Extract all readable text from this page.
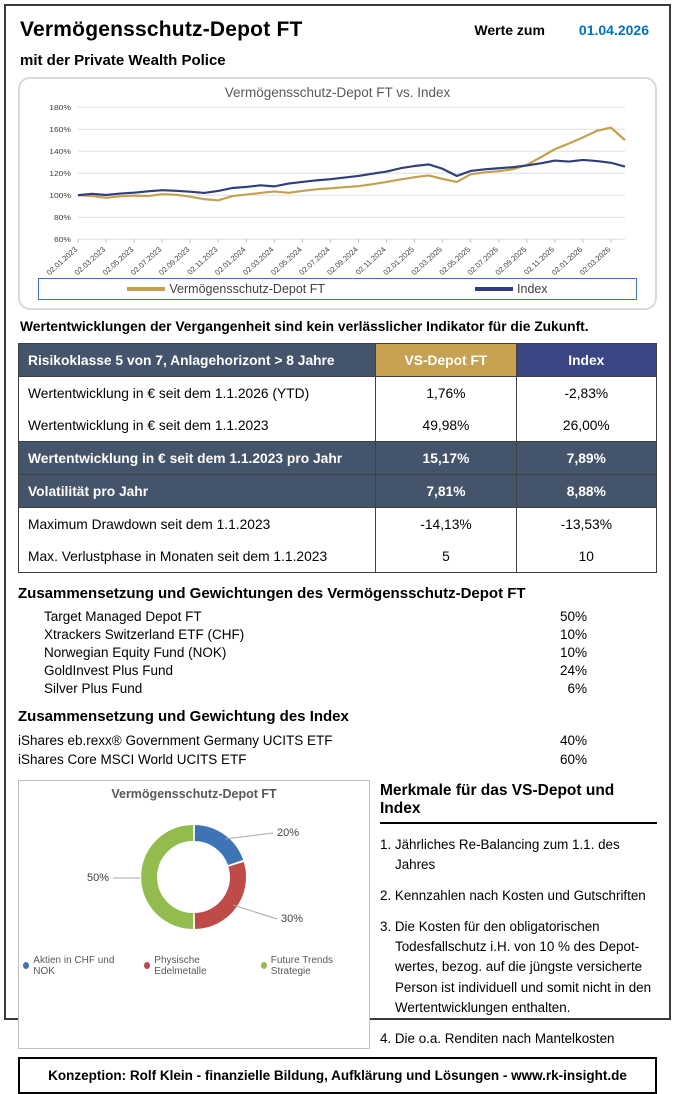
Vermögensschutz-Depot FT
mit der Private Wealth Police
Werte zum 01.04.2026
Vermögensschutz-Depot FT vs. Index
180%
160%
140%
120%
100%
80%
60%
02.01.2023
02.03.2023
02.05.2023
02.07.2023
02.09.2023
02.11.2023
02.01.2024
02.03.2024
02.05.2024
02.07.2024
02.09.2024
02.11.2024
02.01.2025
02.03.2025
02.05.2025
02.07.2025
02.09.2025
02.11.2025
02.01.2026
02.03.2026
Vermögensschutz-Depot FT	Index
Wertentwicklungen der Vergangenheit sind kein verlässlicher Indikator für die Zukunft.
Risikoklasse 5 von 7, Anlagehorizont > 8 Jahre	VS-Depot FT	Index
Wertentwicklung in € seit dem 1.1.2026 (YTD)	1,76%	-2,83%
Wertentwicklung in € seit dem 1.1.2023	49,98%	26,00%
Wertentwicklung in € seit dem 1.1.2023 pro Jahr	15,17%	7,89%
Volatilität pro Jahr	7,81%	8,88%
Maximum Drawdown seit dem 1.1.2023	-14,13%	-13,53%
Max. Verlustphase in Monaten seit dem 1.1.2023	5	10
Zusammensetzung und Gewichtungen des Vermögensschutz-Depot FT
Target Managed Depot FT	50%
Xtrackers Switzerland ETF (CHF)	10%
Norwegian Equity Fund (NOK)	10%
GoldInvest Plus Fund	24%
Silver Plus Fund	6%
Zusammensetzung und Gewichtung des Index
iShares eb.rexx® Government Germany UCITS ETF	40%
iShares Core MSCI World UCITS ETF	60%
Vermögensschutz-Depot FT
20%
30%
50%
Aktien in CHF und NOK
Physische Edelmetalle
Future Trends Strategie
Merkmale für das VS-Depot und Index
1. Jährliches Re-Balancing zum 1.1. des Jahres
2. Kennzahlen nach Kosten und Gutschriften
3. Die Kosten für den obligatorischen Todesfallschutz i.H. von 10 % des Depot-wertes, bezog. auf die jüngste versicherte Person ist individuell und somit nicht in den Wertentwicklungen enthalten.
4. Die o.a. Renditen nach Mantelkosten
Konzeption: Rolf Klein - finanzielle Bildung, Aufklärung und Lösungen - www.rk-insight.de
